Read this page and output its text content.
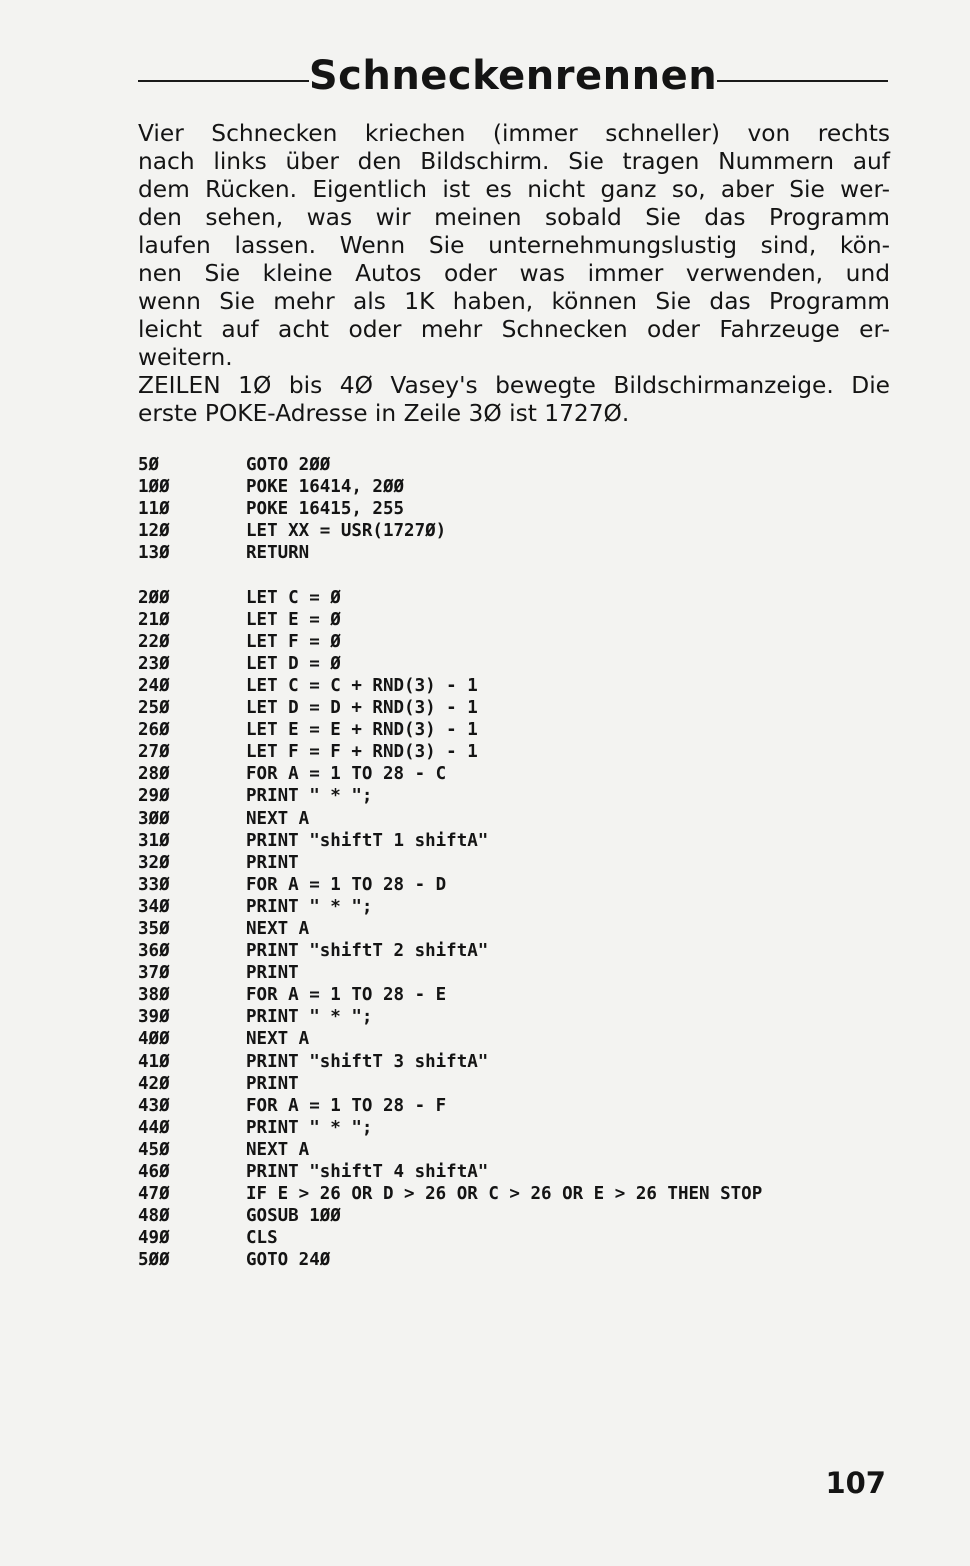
Schneckenrennen
Vier Schnecken kriechen (immer schneller) von rechts
nach links über den Bildschirm. Sie tragen Nummern auf
dem Rücken. Eigentlich ist es nicht ganz so, aber Sie wer-
den sehen, was wir meinen sobald Sie das Programm
laufen lassen. Wenn Sie unternehmungslustig sind, kön-
nen Sie kleine Autos oder was immer verwenden, und
wenn Sie mehr als 1K haben, können Sie das Programm
leicht auf acht oder mehr Schnecken oder Fahrzeuge er-
weitern.
ZEILEN 1Ø bis 4Ø Vasey's bewegte Bildschirmanzeige. Die
erste POKE-Adresse in Zeile 3Ø ist 1727Ø.
5Ø	GOTO 2ØØ
1ØØ	POKE 16414, 2ØØ
11Ø	POKE 16415, 255
12Ø	LET XX = USR(1727Ø)
13Ø	RETURN
2ØØ	LET C = Ø
21Ø	LET E = Ø
22Ø	LET F = Ø
23Ø	LET D = Ø
24Ø	LET C = C + RND(3) - 1
25Ø	LET D = D + RND(3) - 1
26Ø	LET E = E + RND(3) - 1
27Ø	LET F = F + RND(3) - 1
28Ø	FOR A = 1 TO 28 - C
29Ø	PRINT " * ";
3ØØ	NEXT A
31Ø	PRINT "shiftT 1 shiftA"
32Ø	PRINT
33Ø	FOR A = 1 TO 28 - D
34Ø	PRINT " * ";
35Ø	NEXT A
36Ø	PRINT "shiftT 2 shiftA"
37Ø	PRINT
38Ø	FOR A = 1 TO 28 - E
39Ø	PRINT " * ";
4ØØ	NEXT A
41Ø	PRINT "shiftT 3 shiftA"
42Ø	PRINT
43Ø	FOR A = 1 TO 28 - F
44Ø	PRINT " * ";
45Ø	NEXT A
46Ø	PRINT "shiftT 4 shiftA"
47Ø	IF E > 26 OR D > 26 OR C > 26 OR E > 26 THEN STOP
48Ø	GOSUB 1ØØ
49Ø	CLS
5ØØ	GOTO 24Ø
107
